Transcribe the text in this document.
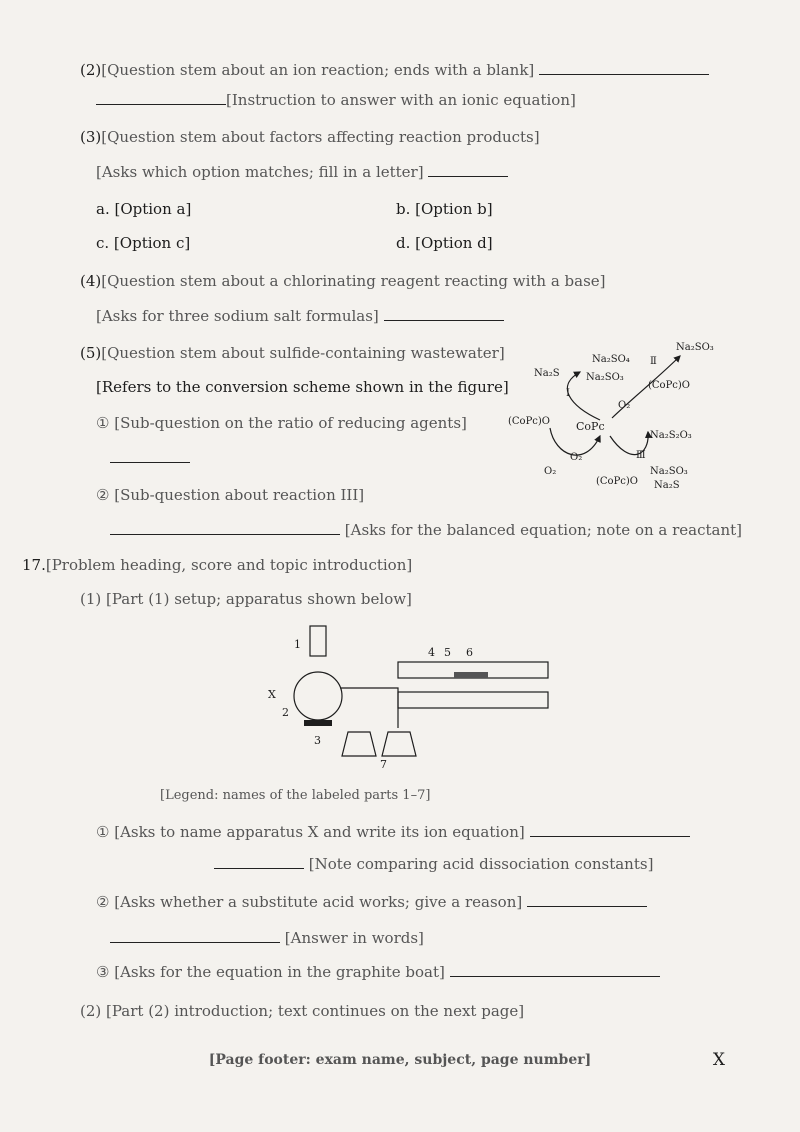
(2)[Question stem about an ion reaction; ends with a blank]
[Instruction to answer with an ionic equation]
(3)[Question stem about factors affecting reaction products]
[Asks which option matches; fill in a letter]
a. [Option a]	b. [Option b]
c. [Option c]	d. [Option d]
(4)[Question stem about a chlorinating reagent reacting with a base]
[Asks for three sodium salt formulas]
(5)[Question stem about sulfide-containing wastewater]
[Refers to the conversion scheme shown in the figure]
① [Sub-question on the ratio of reducing agents]
② [Sub-question about reaction III]
[Asks for the balanced equation; note on a reactant]
CoPc
(CoPc)O
(CoPc)O
(CoPc)O
O₂
O₂
O₂
I
Ⅱ
Ⅲ
Na₂S	Na₂SO₃
Na₂SO₄
Na₂SO₃
Na₂S₂O₃
Na₂SO₃
Na₂S
17.[Problem heading, score and topic introduction]
(1) [Part (1) setup; apparatus shown below]
1
2
3
4 5 6
7
X
[Legend: names of the labeled parts 1–7]
① [Asks to name apparatus X and write its ion equation]
[Note comparing acid dissociation constants]
② [Asks whether a substitute acid works; give a reason]
[Answer in words]
③ [Asks for the equation in the graphite boat]
(2) [Part (2) introduction; text continues on the next page]
[Page footer: exam name, subject, page number]	X
